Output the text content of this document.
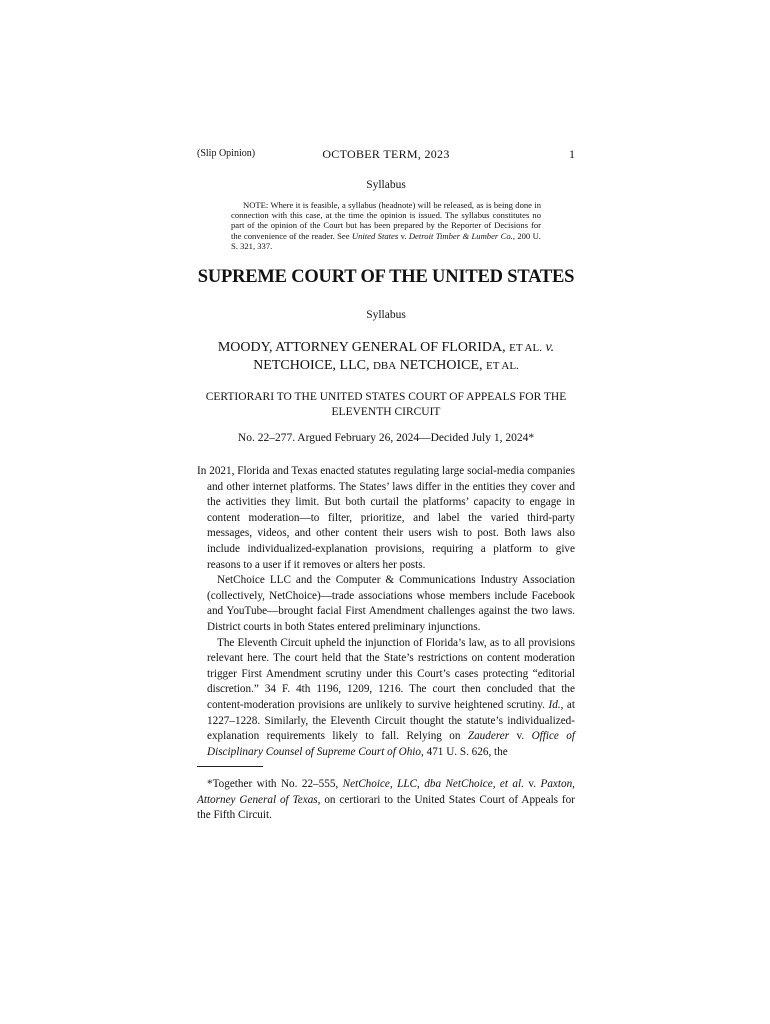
(Slip Opinion)	OCTOBER TERM, 2023	1
Syllabus
NOTE: Where it is feasible, a syllabus (headnote) will be released, as is being done in connection with this case, at the time the opinion is issued. The syllabus constitutes no part of the opinion of the Court but has been prepared by the Reporter of Decisions for the convenience of the reader. See United States v. Detroit Timber & Lumber Co., 200 U. S. 321, 337.
SUPREME COURT OF THE UNITED STATES
Syllabus
MOODY, ATTORNEY GENERAL OF FLORIDA, ET AL. v.
NETCHOICE, LLC, DBA NETCHOICE, ET AL.
CERTIORARI TO THE UNITED STATES COURT OF APPEALS FOR THE ELEVENTH CIRCUIT
No. 22–277. Argued February 26, 2024—Decided July 1, 2024*

In 2021, Florida and Texas enacted statutes regulating large social-media companies and other internet platforms. The States’ laws differ in the entities they cover and the activities they limit. But both curtail the platforms’ capacity to engage in content moderation—to filter, prioritize, and label the varied third-party messages, videos, and other content their users wish to post. Both laws also include individualized-explanation provisions, requiring a platform to give reasons to a user if it removes or alters her posts.

NetChoice LLC and the Computer & Communications Industry Association (collectively, NetChoice)—trade associations whose members include Facebook and YouTube—brought facial First Amendment challenges against the two laws. District courts in both States entered preliminary injunctions.

The Eleventh Circuit upheld the injunction of Florida’s law, as to all provisions relevant here. The court held that the State’s restrictions on content moderation trigger First Amendment scrutiny under this Court’s cases protecting “editorial discretion.” 34 F. 4th 1196, 1209, 1216. The court then concluded that the content-moderation provisions are unlikely to survive heightened scrutiny. Id., at 1227–1228. Similarly, the Eleventh Circuit thought the statute’s individualized-explanation requirements likely to fall. Relying on Zauderer v. Office of Disciplinary Counsel of Supreme Court of Ohio, 471 U. S. 626, the

*Together with No. 22–555, NetChoice, LLC, dba NetChoice, et al. v. Paxton, Attorney General of Texas, on certiorari to the United States Court of Appeals for the Fifth Circuit.
